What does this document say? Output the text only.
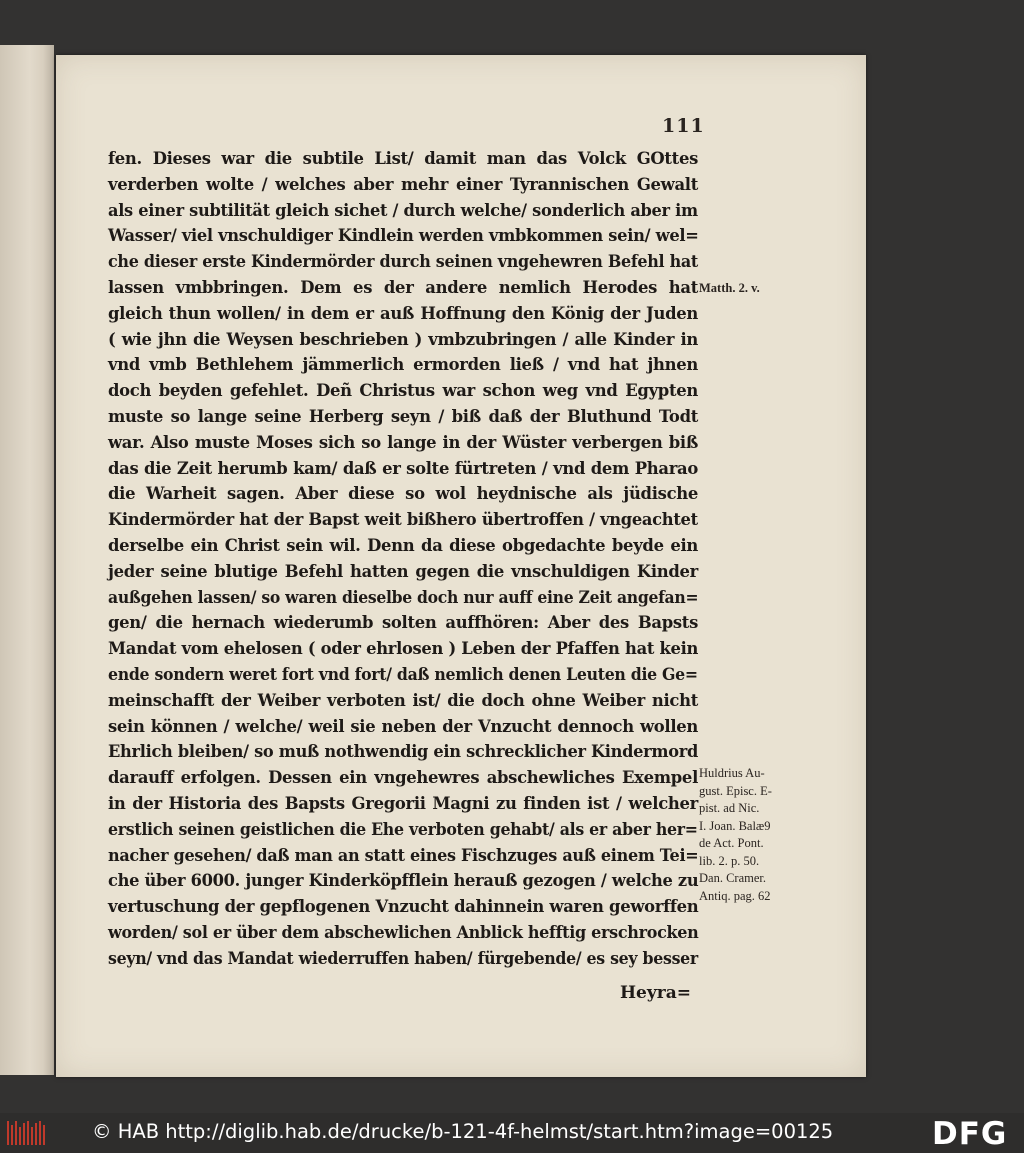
111
fen. Dieses war die subtile List/ damit man das Volck GOttes
verderben wolte / welches aber mehr einer Tyrannischen Gewalt
als einer subtilität gleich sichet / durch welche/ sonderlich aber im
Wasser/ viel vnschuldiger Kindlein werden vmbkommen sein/ wel=
che dieser erste Kindermörder durch seinen vngehewren Befehl hat
lassen vmbbringen. Dem es der andere nemlich Herodes hat
gleich thun wollen/ in dem er auß Hoffnung den König der Juden
( wie jhn die Weysen beschrieben ) vmbzubringen / alle Kinder in
vnd vmb Bethlehem jämmerlich ermorden ließ / vnd hat jhnen
doch beyden gefehlet. Deñ Christus war schon weg vnd Egypten
muste so lange seine Herberg seyn / biß daß der Bluthund Todt
war. Also muste Moses sich so lange in der Wüster verbergen biß
das die Zeit herumb kam/ daß er solte fürtreten / vnd dem Pharao
die Warheit sagen. Aber diese so wol heydnische als jüdische
Kindermörder hat der Bapst weit bißhero übertroffen / vngeachtet
derselbe ein Christ sein wil. Denn da diese obgedachte beyde ein
jeder seine blutige Befehl hatten gegen die vnschuldigen Kinder
außgehen lassen/ so waren dieselbe doch nur auff eine Zeit angefan=
gen/ die hernach wiederumb solten auffhören: Aber des Bapsts
Mandat vom ehelosen ( oder ehrlosen ) Leben der Pfaffen hat kein
ende sondern weret fort vnd fort/ daß nemlich denen Leuten die Ge=
meinschafft der Weiber verboten ist/ die doch ohne Weiber nicht
sein können / welche/ weil sie neben der Vnzucht dennoch wollen
Ehrlich bleiben/ so muß nothwendig ein schrecklicher Kindermord
darauff erfolgen. Dessen ein vngehewres abschewliches Exempel
in der Historia des Bapsts Gregorii Magni zu finden ist / welcher
erstlich seinen geistlichen die Ehe verboten gehabt/ als er aber her=
nacher gesehen/ daß man an statt eines Fischzuges auß einem Tei=
che über 6000. junger Kinderköpfflein herauß gezogen / welche zu
vertuschung der gepflogenen Vnzucht dahinnein waren geworffen
worden/ sol er über dem abschewlichen Anblick hefftig erschrocken
seyn/ vnd das Mandat wiederruffen haben/ fürgebende/ es sey besser
Heyra=
Matth. 2. v.
Huldrius Au-
gust. Episc. E-
pist. ad Nic.
I. Joan. Balæ9
de Act. Pont.
lib. 2. p. 50.
Dan. Cramer.
Antiq. pag. 62
© HAB http://diglib.hab.de/drucke/b-121-4f-helmst/start.htm?image=00125	DFG
